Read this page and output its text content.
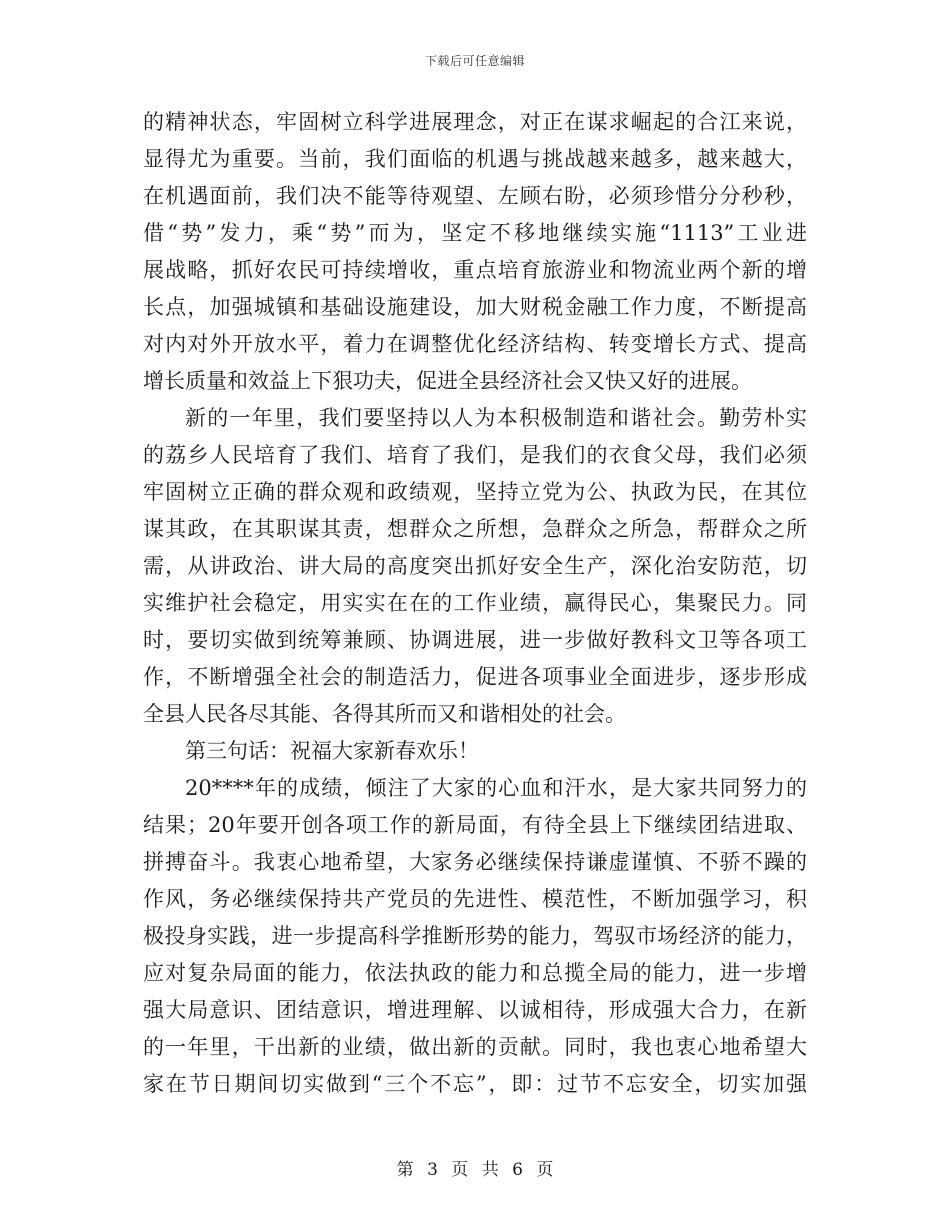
下载后可任意编辑
的精神状态，牢固树立科学进展理念，对正在谋求崛起的合江来说，
显得尤为重要。当前，我们面临的机遇与挑战越来越多，越来越大，
在机遇面前，我们决不能等待观望、左顾右盼，必须珍惜分分秒秒，
借“势”发力，乘“势”而为，坚定不移地继续实施“1113”工业进
展战略，抓好农民可持续增收，重点培育旅游业和物流业两个新的增
长点，加强城镇和基础设施建设，加大财税金融工作力度，不断提高
对内对外开放水平，着力在调整优化经济结构、转变增长方式、提高
增长质量和效益上下狠功夫，促进全县经济社会又快又好的进展。
新的一年里，我们要坚持以人为本积极制造和谐社会。勤劳朴实
的荔乡人民培育了我们、培育了我们，是我们的衣食父母，我们必须
牢固树立正确的群众观和政绩观，坚持立党为公、执政为民，在其位
谋其政，在其职谋其责，想群众之所想，急群众之所急，帮群众之所
需，从讲政治、讲大局的高度突出抓好安全生产，深化治安防范，切
实维护社会稳定，用实实在在的工作业绩，赢得民心，集聚民力。同
时，要切实做到统筹兼顾、协调进展，进一步做好教科文卫等各项工
作，不断增强全社会的制造活力，促进各项事业全面进步，逐步形成
全县人民各尽其能、各得其所而又和谐相处的社会。
第三句话：祝福大家新春欢乐！
20****年的成绩，倾注了大家的心血和汗水，是大家共同努力的
结果；20年要开创各项工作的新局面，有待全县上下继续团结进取、
拼搏奋斗。我衷心地希望，大家务必继续保持谦虚谨慎、不骄不躁的
作风，务必继续保持共产党员的先进性、模范性，不断加强学习，积
极投身实践，进一步提高科学推断形势的能力，驾驭市场经济的能力，
应对复杂局面的能力，依法执政的能力和总揽全局的能力，进一步增
强大局意识、团结意识，增进理解、以诚相待，形成强大合力，在新
的一年里，干出新的业绩，做出新的贡献。同时，我也衷心地希望大
家在节日期间切实做到“三个不忘”，即：过节不忘安全，切实加强
第 3 页 共 6 页
